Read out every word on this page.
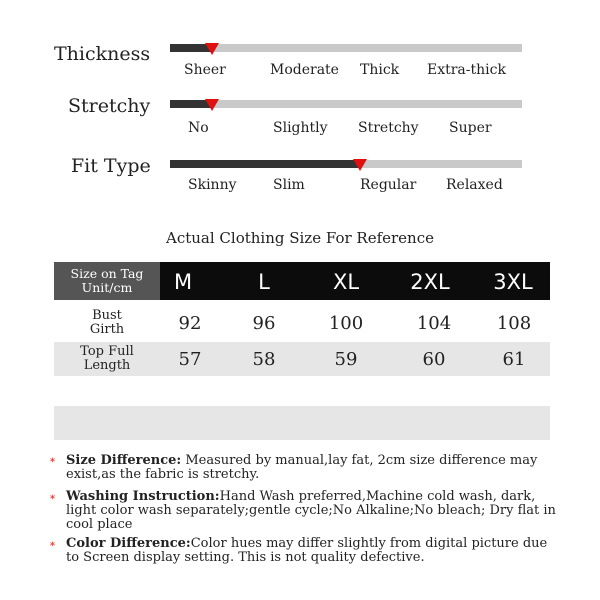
Thickness
Sheer	Moderate Thick Extra-thick
Stretchy
No	Slightly Stretchy Super
Fit Type
Skinny	Slim	Regular Relaxed
Actual Clothing Size For Reference
Size on Tag
Unit/cm	M	L	XL	2XL	3XL
Bust
Girth	92	96	100	104	108
Top Full
Length	57	58	59	60	61
* Size Difference: Measured by manual,lay fat, 2cm size difference may exist,as the fabric is stretchy.
* Washing Instruction:Hand Wash preferred,Machine cold wash, dark, light color wash separately;gentle cycle;No Alkaline;No bleach; Dry flat in cool place
* Color Difference:Color hues may differ slightly from digital picture due to Screen display setting. This is not quality defective.
